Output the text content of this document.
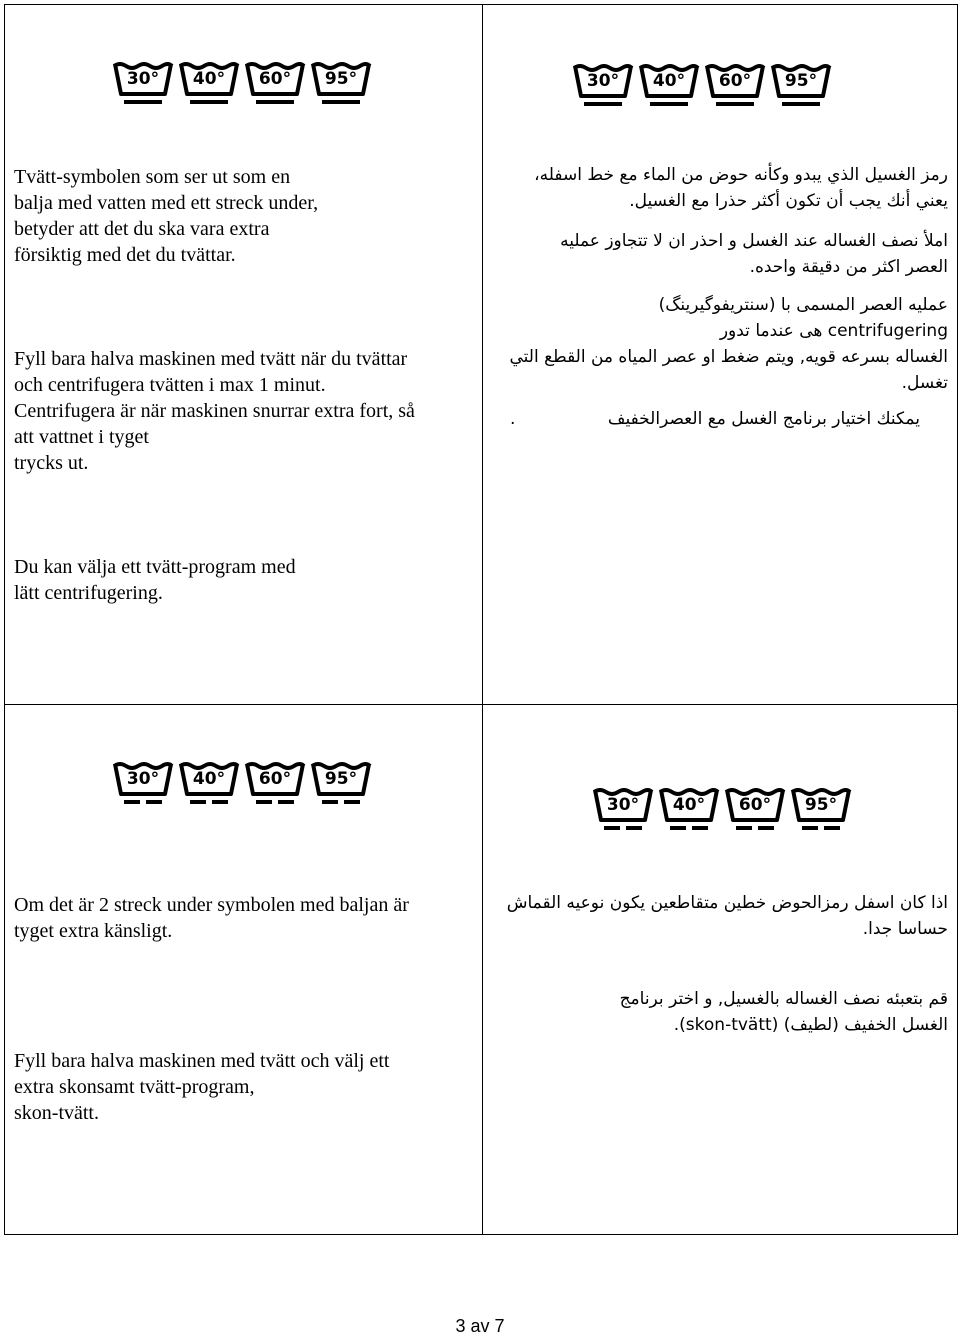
30°	40°	60°	95°	30°	40°	60°	95°
30°	40°	60°	95°
30°	40°	60°	95°

Tvätt-symbolen som ser ut som en
balja med vatten med ett streck under,
betyder att det du ska vara extra
försiktig med det du tvättar.

Fyll bara halva maskinen med tvätt när du tvättar
och centrifugera tvätten i max 1 minut.
Centrifugera är när maskinen snurrar extra fort, så
att vattnet i tyget
trycks ut.

Du kan välja ett tvätt-program med
lätt centrifugering.

رمز الغسيل الذي يبدو وكأنه حوض من الماء مع خط اسفله،

يعني أنك يجب أن تكون أكثر حذرا مع الغسيل.

املأ نصف الغساله عند الغسل و احذر ان لا تتجاوز عمليه

العصر اكثر من دقيقة واحده.

عمليه العصر المسمى با (سنتريفوگيرينگ)

centrifugering هى عندما تدور

الغساله بسرعه قويه, ويتم ضغط او عصر المياه من القطع التي

تغسل.

يمكنك اختيار برنامج الغسل مع العصرالخفيف
.

Om det är 2 streck under symbolen med baljan är
tyget extra känsligt.

Fyll bara halva maskinen med tvätt och välj ett
extra skonsamt tvätt-program,
skon-tvätt.

اذا كان اسفل رمزالحوض خطين متقاطعين يكون نوعيه القماش

حساسا جدا.

قم بتعبئه نصف الغساله بالغسيل, و اختر برنامج

الغسل الخفيف (لطيف) (skon-tvätt).

3 av 7
